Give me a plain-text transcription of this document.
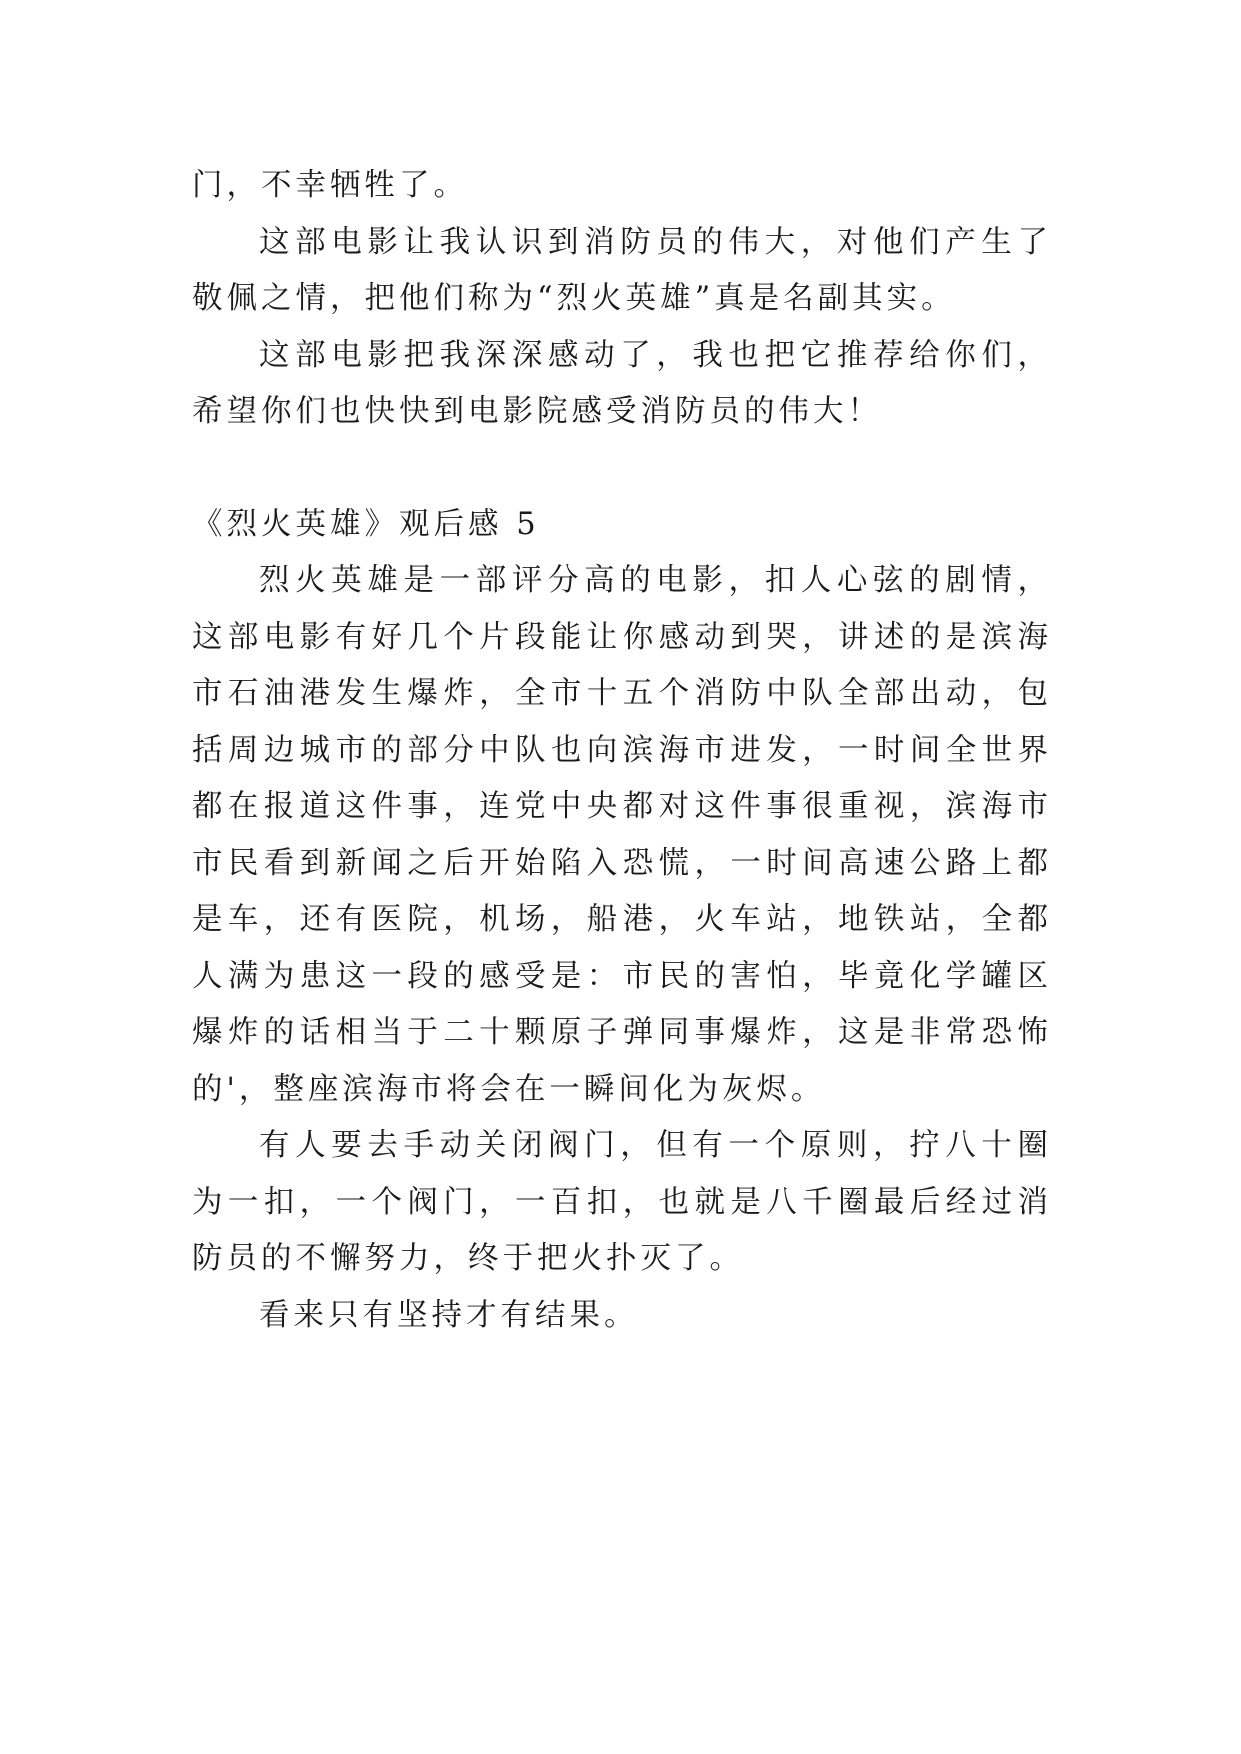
门，不幸牺牲了。

这部电影让我认识到消防员的伟大，对他们产生了敬佩之情，把他们称为“烈火英雄”真是名副其实。

这部电影把我深深感动了，我也把它推荐给你们，希望你们也快快到电影院感受消防员的伟大！

《烈火英雄》观后感 5

烈火英雄是一部评分高的电影，扣人心弦的剧情，这部电影有好几个片段能让你感动到哭，讲述的是滨海市石油港发生爆炸，全市十五个消防中队全部出动，包括周边城市的部分中队也向滨海市进发，一时间全世界都在报道这件事，连党中央都对这件事很重视，滨海市市民看到新闻之后开始陷入恐慌，一时间高速公路上都是车，还有医院，机场，船港，火车站，地铁站，全都人满为患这一段的感受是：市民的害怕，毕竟化学罐区爆炸的话相当于二十颗原子弹同事爆炸，这是非常恐怖的'，整座滨海市将会在一瞬间化为灰烬。

有人要去手动关闭阀门，但有一个原则，拧八十圈为一扣，一个阀门，一百扣，也就是八千圈最后经过消防员的不懈努力，终于把火扑灭了。

看来只有坚持才有结果。
